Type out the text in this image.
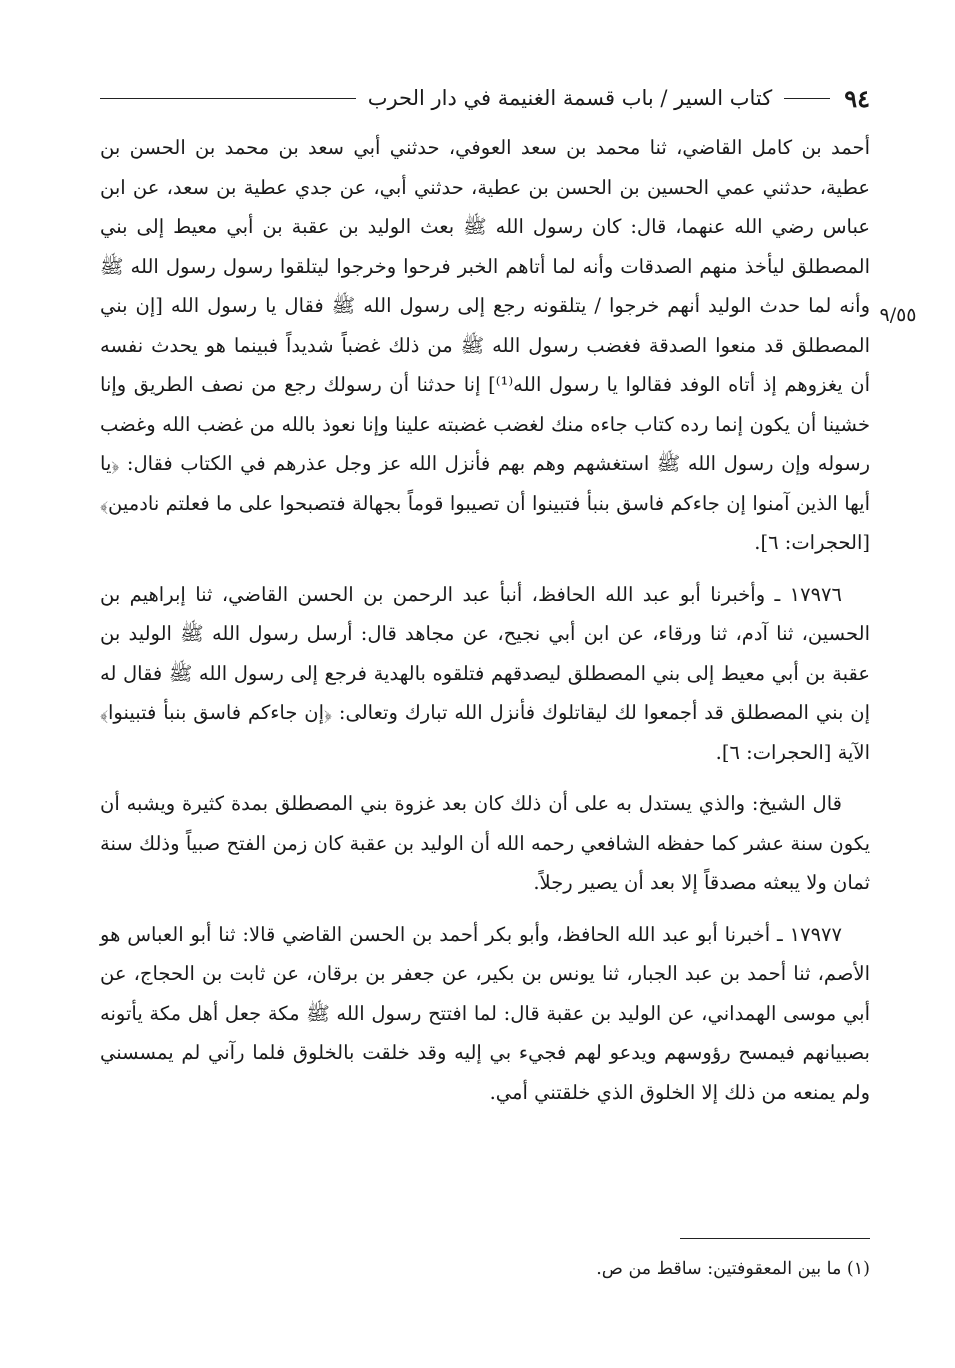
٩٤
كتاب السير / باب قسمة الغنيمة في دار الحرب
٩/٥٥

أحمد بن كامل القاضي، ثنا محمد بن سعد العوفي، حدثني أبي سعد بن محمد بن الحسن بن عطية، حدثني عمي الحسين بن الحسن بن عطية، حدثني أبي، عن جدي عطية بن سعد، عن ابن عباس رضي الله عنهما، قال: كان رسول الله ﷺ بعث الوليد بن عقبة بن أبي معيط إلى بني المصطلق ليأخذ منهم الصدقات وأنه لما أتاهم الخبر فرحوا وخرجوا ليتلقوا رسول رسول الله ﷺ وأنه لما حدث الوليد أنهم خرجوا / يتلقونه رجع إلى رسول الله ﷺ فقال يا رسول الله [إن بني المصطلق قد منعوا الصدقة فغضب رسول الله ﷺ من ذلك غضباً شديداً فبينما هو يحدث نفسه أن يغزوهم إذ أتاه الوفد فقالوا يا رسول الله⁽¹⁾] إنا حدثنا أن رسولك رجع من نصف الطريق وإنا خشينا أن يكون إنما رده كتاب جاءه منك لغضب غضبته علينا وإنا نعوذ بالله من غضب الله وغضب رسوله وإن رسول الله ﷺ استغشهم وهم بهم فأنزل الله عز وجل عذرهم في الكتاب فقال: ﴿يا أيها الذين آمنوا إن جاءكم فاسق بنبأ فتبينوا أن تصيبوا قوماً بجهالة فتصبحوا على ما فعلتم نادمين﴾ [الحجرات: ٦].

١٧٩٧٦ ـ وأخبرنا أبو عبد الله الحافظ، أنبأ عبد الرحمن بن الحسن القاضي، ثنا إبراهيم بن الحسين، ثنا آدم، ثنا ورقاء، عن ابن أبي نجيح، عن مجاهد قال: أرسل رسول الله ﷺ الوليد بن عقبة بن أبي معيط إلى بني المصطلق ليصدقهم فتلقوه بالهدية فرجع إلى رسول الله ﷺ فقال له إن بني المصطلق قد أجمعوا لك ليقاتلوك فأنزل الله تبارك وتعالى: ﴿إن جاءكم فاسق بنبأ فتبينوا﴾ الآية [الحجرات: ٦].

قال الشيخ: والذي يستدل به على أن ذلك كان بعد غزوة بني المصطلق بمدة كثيرة ويشبه أن يكون سنة عشر كما حفظه الشافعي رحمه الله أن الوليد بن عقبة كان زمن الفتح صبياً وذلك سنة ثمان ولا يبعثه مصدقاً إلا بعد أن يصير رجلاً.

١٧٩٧٧ ـ أخبرنا أبو عبد الله الحافظ، وأبو بكر أحمد بن الحسن القاضي قالا: ثنا أبو العباس هو الأصم، ثنا أحمد بن عبد الجبار، ثنا يونس بن بكير، عن جعفر بن برقان، عن ثابت بن الحجاج، عن أبي موسى الهمداني، عن الوليد بن عقبة قال: لما افتتح رسول الله ﷺ مكة جعل أهل مكة يأتونه بصبيانهم فيمسح رؤوسهم ويدعو لهم فجيء بي إليه وقد خلقت بالخلوق فلما رآني لم يمسسني ولم يمنعه من ذلك إلا الخلوق الذي خلقتني أمي.

(١) ما بين المعقوفتين: ساقط من ص.
